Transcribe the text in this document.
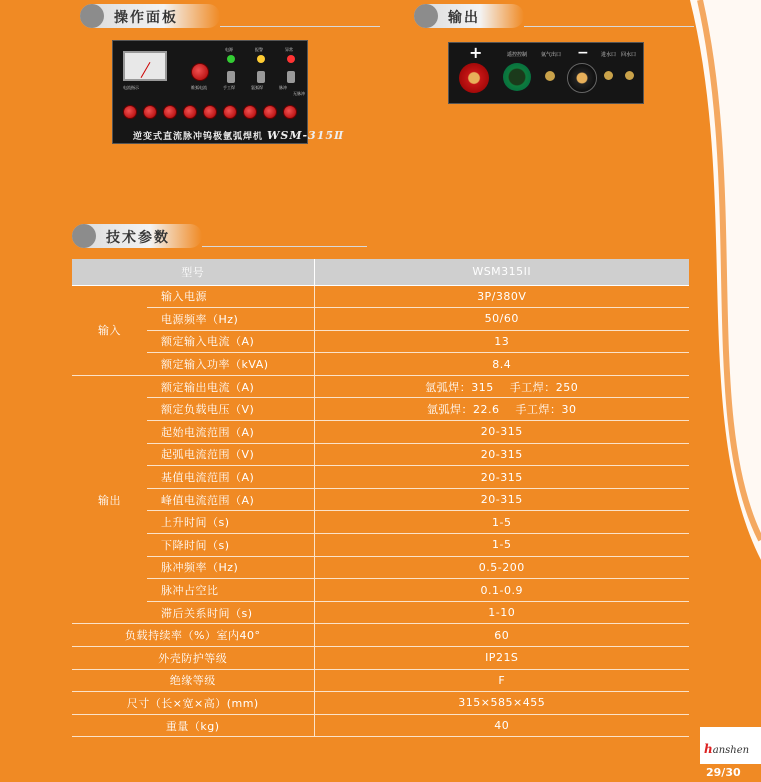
操作面板	输出
电流指示	维弧电流
电源	报警	异常
手工焊	氩弧焊	脉冲
无脉冲
逆变式直流脉冲钨极氩弧焊机 WSM-315Ⅱ
+	遥控控制	氩气出口 − 进水口 回水口
技术参数
型号		WSM315II
输入	输入电源	3P/380V
	电源频率（Hz)	50/60
	额定输入电流（A)	13
	额定输入功率（kVA)	8.4
输出	额定输出电流（A)	氩弧焊：315    手工焊：250
	额定负载电压（V)	氩弧焊：22.6    手工焊：30
	起始电流范围（A)	20-315
	起弧电流范围（V)	20-315
	基值电流范围（A)	20-315
	峰值电流范围（A)	20-315
	上升时间（s)	1-5
	下降时间（s)	1-5
	脉冲频率（Hz)	0.5-200
	脉冲占空比	0.1-0.9
	滞后关系时间（s)	1-10
负载持续率（%）室内40°		60
外壳防护等级		IP21S
绝缘等级		F
尺寸（长×宽×高）(mm)		315×585×455
重量（kg)		40
hanshen
29/30
